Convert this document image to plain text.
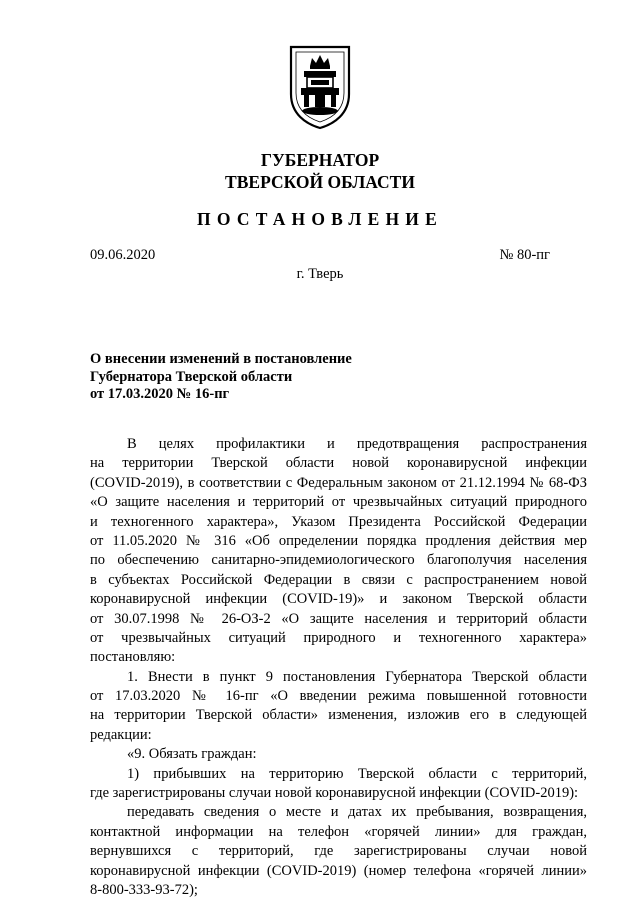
ГУБЕРНАТОР
ТВЕРСКОЙ ОБЛАСТИ
ПОСТАНОВЛЕНИЕ
09.06.2020	№ 80-пг
г. Тверь
О внесении изменений в постановление
Губернатора Тверской области
от 17.03.2020 № 16-пг
В целях профилактики и предотвращения распространения
на территории Тверской области новой коронавирусной инфекции
(COVID-2019), в соответствии с Федеральным законом от 21.12.1994 № 68-ФЗ
«О защите населения и территорий от чрезвычайных ситуаций природного
и техногенного характера», Указом Президента Российской Федерации
от 11.05.2020 № 316 «Об определении порядка продления действия мер
по обеспечению санитарно-эпидемиологического благополучия населения
в субъектах Российской Федерации в связи с распространением новой
коронавирусной инфекции (COVID-19)» и законом Тверской области
от 30.07.1998 № 26-ОЗ-2 «О защите населения и территорий области
от чрезвычайных ситуаций природного и техногенного характера»
постановляю:
1. Внести в пункт 9 постановления Губернатора Тверской области
от 17.03.2020 № 16-пг «О введении режима повышенной готовности
на территории Тверской области» изменения, изложив его в следующей
редакции:
«9. Обязать граждан:
1) прибывших на территорию Тверской области с территорий,
где зарегистрированы случаи новой коронавирусной инфекции (COVID-2019):
передавать сведения о месте и датах их пребывания, возвращения,
контактной информации на телефон «горячей линии» для граждан,
вернувшихся с территорий, где зарегистрированы случаи новой
коронавирусной инфекции (COVID-2019) (номер телефона «горячей линии»
8-800-333-93-72);
